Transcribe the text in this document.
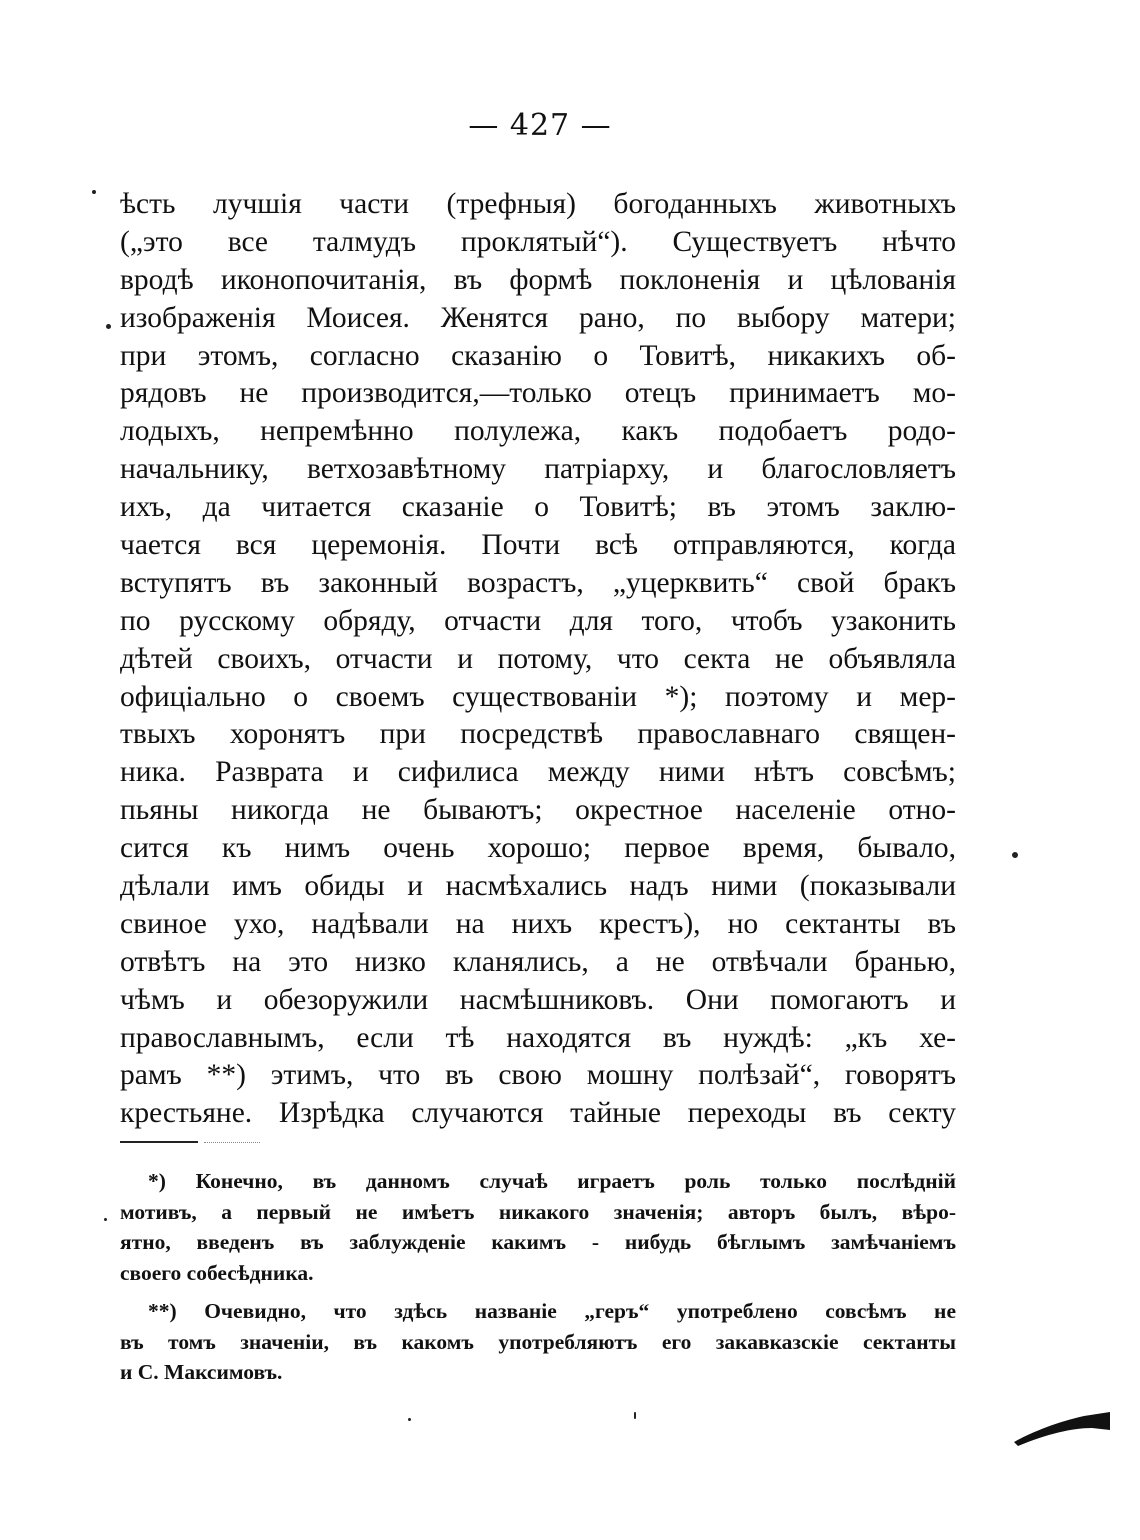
— 427 —
ѣсть лучшія части (трефныя) богоданныхъ животныхъ
(„это все талмудъ проклятый“). Существуетъ нѣчто
вродѣ иконопочитанія, въ формѣ поклоненія и цѣлованія
изображенія Моисея. Женятся рано, по выбору матери;
при этомъ, согласно сказанію о Товитѣ, никакихъ об-
рядовъ не производится,—только отецъ принимаетъ мо-
лодыхъ, непремѣнно полулежа, какъ подобаетъ родо-
начальнику, ветхозавѣтному патріарху, и благословляетъ
ихъ, да читается сказаніе о Товитѣ; въ этомъ заклю-
чается вся церемонія. Почти всѣ отправляются, когда
вступятъ въ законный возрастъ, „уцерквить“ свой бракъ
по русскому обряду, отчасти для того, чтобъ узаконить
дѣтей своихъ, отчасти и потому, что секта не объявляла
офиціально о своемъ существованіи *); поэтому и мер-
твыхъ хоронятъ при посредствѣ православнаго священ-
ника. Разврата и сифилиса между ними нѣтъ совсѣмъ;
пьяны никогда не бываютъ; окрестное населеніе отно-
сится къ нимъ очень хорошо; первое время, бывало,
дѣлали имъ обиды и насмѣхались надъ ними (показывали
свиное ухо, надѣвали на нихъ крестъ), но сектанты въ
отвѣтъ на это низко кланялись, а не отвѣчали бранью,
чѣмъ и обезоружили насмѣшниковъ. Они помогаютъ и
православнымъ, если тѣ находятся въ нуждѣ: „къ хе-
рамъ **) этимъ, что въ свою мошну полѣзай“, говорятъ
крестьяне. Изрѣдка случаются тайные переходы въ секту
*) Конечно, въ данномъ случаѣ играетъ роль только послѣдній
мотивъ, а первый не имѣетъ никакого значенія; авторъ былъ, вѣро-
ятно, введенъ въ заблужденіе какимъ - нибудь бѣглымъ замѣчаніемъ
своего собесѣдника.
**) Очевидно, что здѣсь названіе „геръ“ употреблено совсѣмъ не
въ томъ значеніи, въ какомъ употребляютъ его закавказскіе сектанты
и С. Максимовъ.
